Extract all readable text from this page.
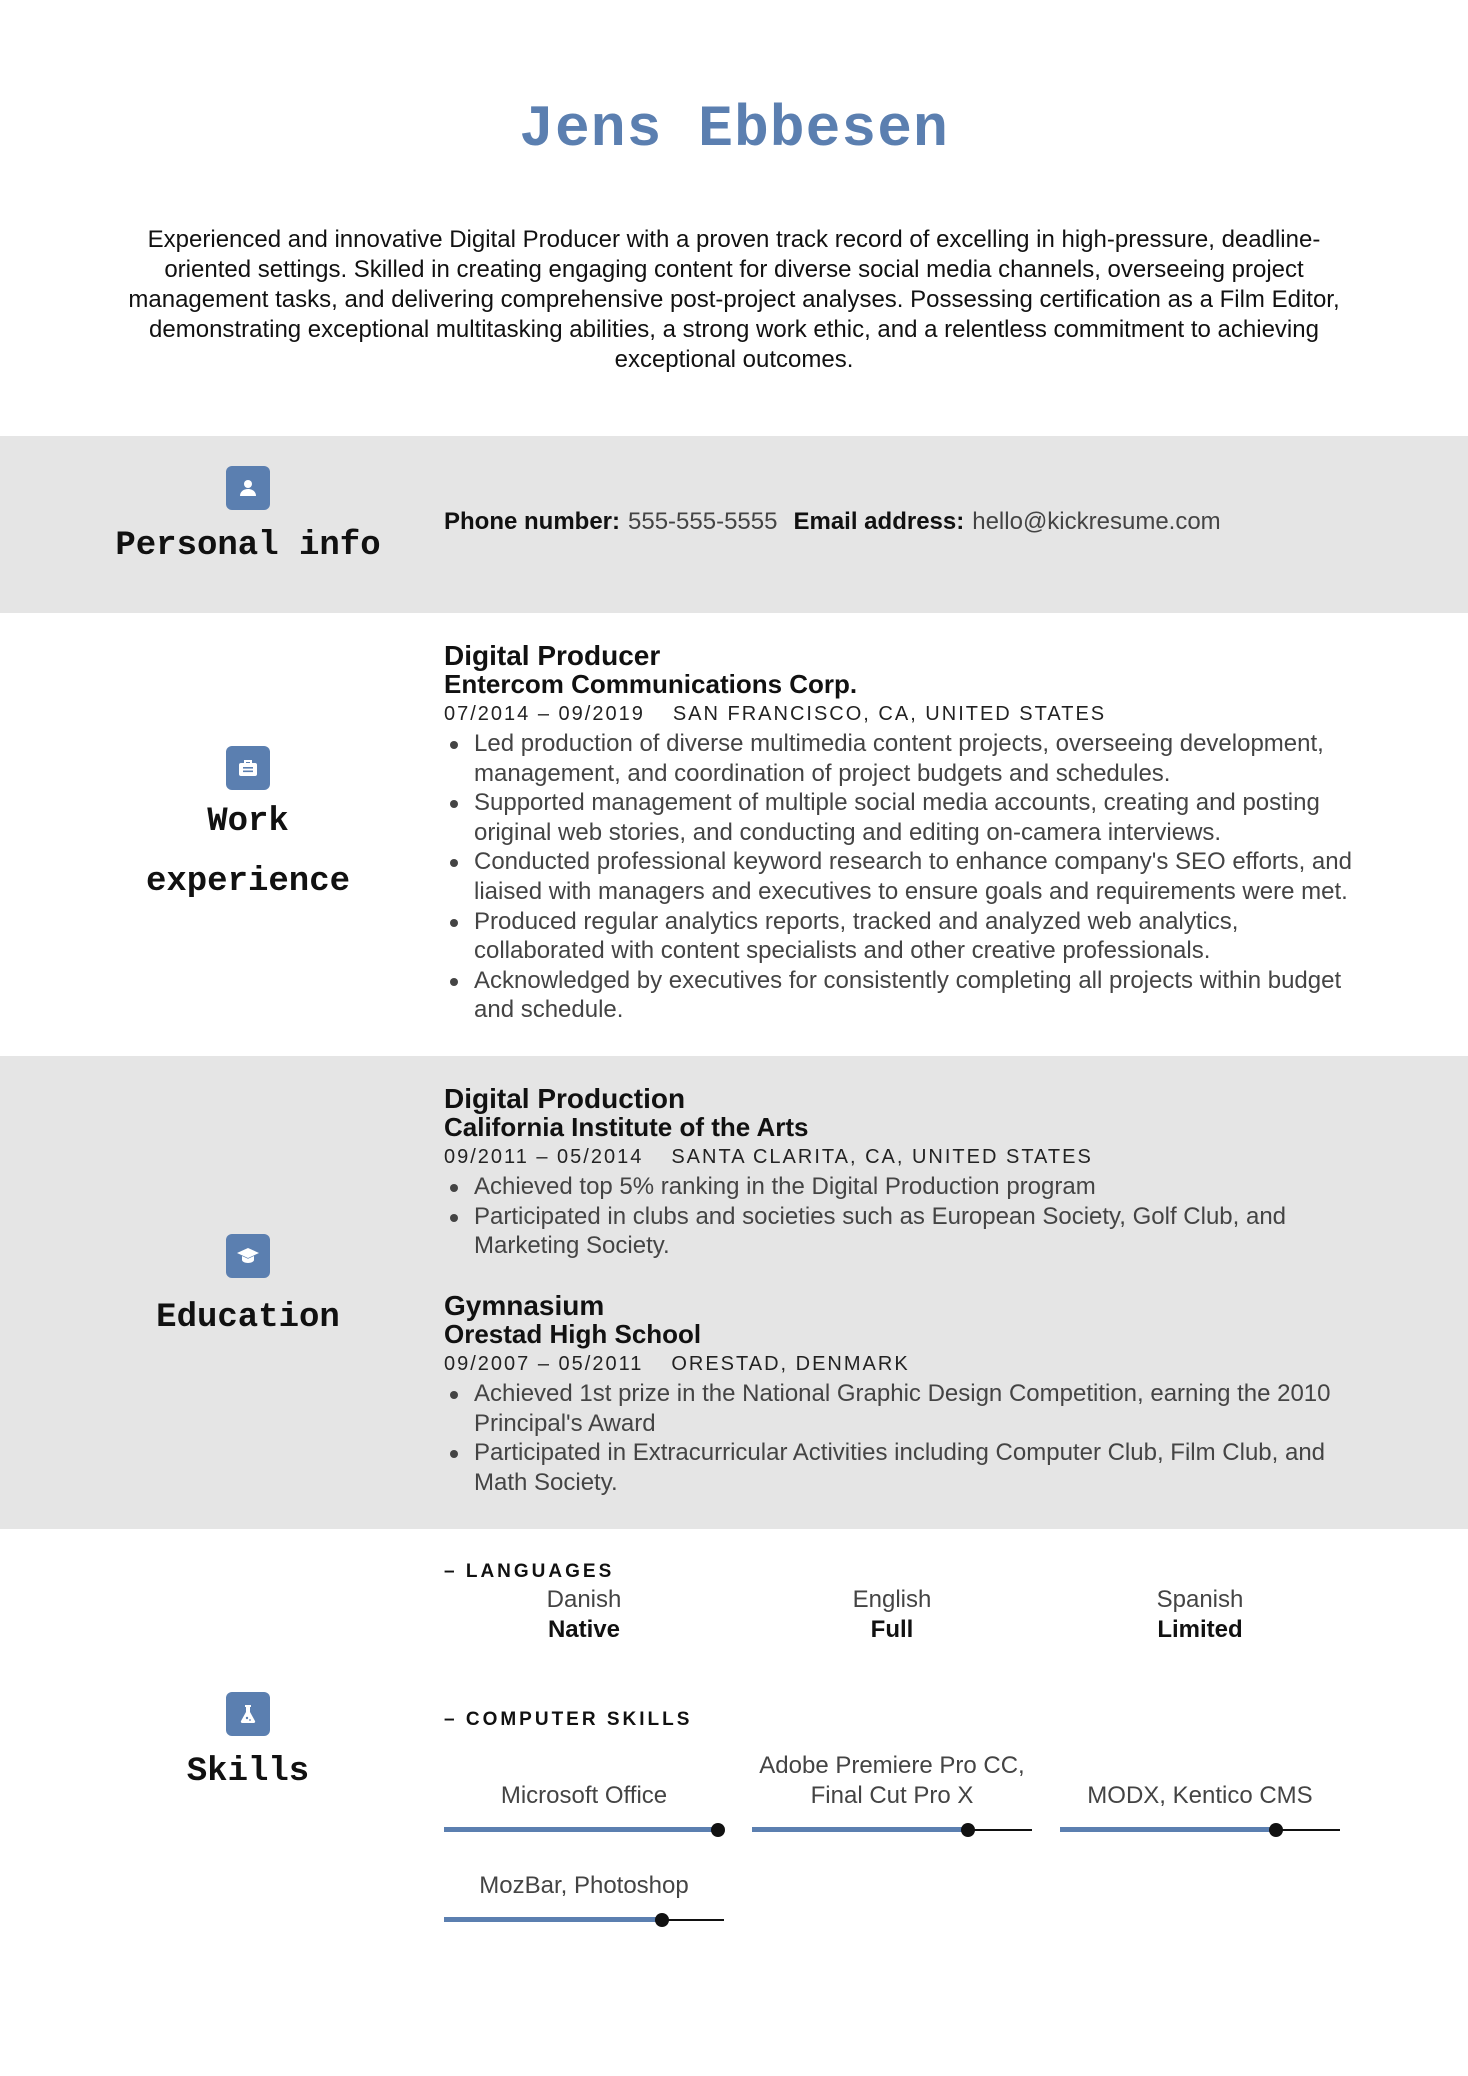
Jens Ebbesen

Experienced and innovative Digital Producer with a proven track record of excelling in high-pressure, deadline-oriented settings. Skilled in creating engaging content for diverse social media channels, overseeing project management tasks, and delivering comprehensive post-project analyses. Possessing certification as a Film Editor, demonstrating exceptional multitasking abilities, a strong work ethic, and a relentless commitment to achieving exceptional outcomes.

Personal info
Phone number: 555-555-5555 Email address: hello@kickresume.com
Work
experience
Digital Producer
Entercom Communications Corp.
07/2014 – 09/2019 SAN FRANCISCO, CA, UNITED STATES
Led production of diverse multimedia content projects, overseeing development, management, and coordination of project budgets and schedules.
Supported management of multiple social media accounts, creating and posting original web stories, and conducting and editing on-camera interviews.
Conducted professional keyword research to enhance company's SEO efforts, and liaised with managers and executives to ensure goals and requirements were met.
Produced regular analytics reports, tracked and analyzed web analytics, collaborated with content specialists and other creative professionals.
Acknowledged by executives for consistently completing all projects within budget and schedule.
Education
Digital Production
California Institute of the Arts
09/2011 – 05/2014 SANTA CLARITA, CA, UNITED STATES
Achieved top 5% ranking in the Digital Production program
Participated in clubs and societies such as European Society, Golf Club, and Marketing Society.
Gymnasium
Orestad High School
09/2007 – 05/2011 ORESTAD, DENMARK
Achieved 1st prize in the National Graphic Design Competition, earning the 2010 Principal's Award
Participated in Extracurricular Activities including Computer Club, Film Club, and Math Society.
Skills
– LANGUAGES
Danish
Native
English
Full
Spanish
Limited
– COMPUTER SKILLS
Microsoft Office
Adobe Premiere Pro CC, Final Cut Pro X	MODX, Kentico CMS
MozBar, Photoshop
